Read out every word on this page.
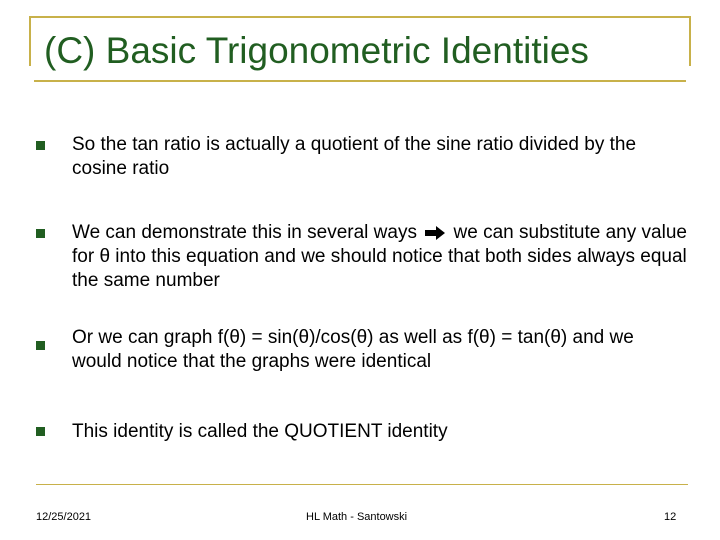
(C) Basic Trigonometric Identities
So the tan ratio is actually a quotient of the sine ratio divided by the cosine ratio
We can demonstrate this in several ways we can substitute any value for θ into this equation and we should notice that both sides always equal the same number
Or we can graph f(θ) = sin(θ)/cos(θ) as well as f(θ) = tan(θ) and we would notice that the graphs were identical
This identity is called the QUOTIENT identity
12/25/2021	HL Math - Santowski	12
